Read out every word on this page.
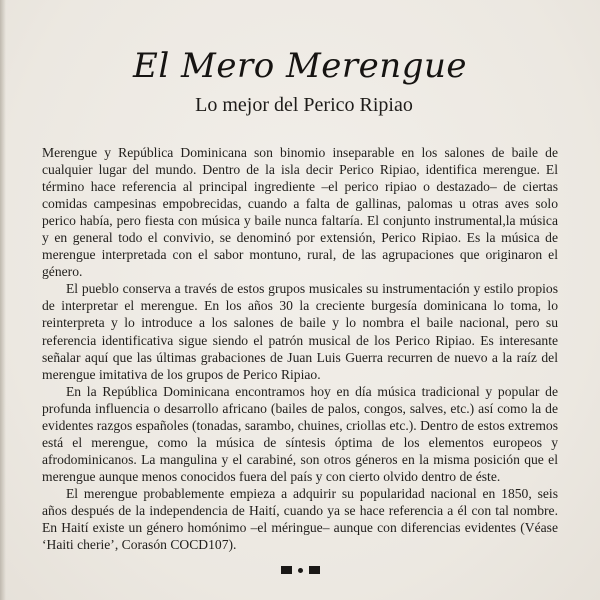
El Mero Merengue
Lo mejor del Perico Ripiao

Merengue y República Dominicana son binomio inseparable en los salones de baile de cualquier lugar del mundo. Dentro de la isla decir Perico Ripiao, identifica merengue. El término hace referencia al principal ingrediente –el perico ripiao o destazado– de ciertas comidas campesinas empobrecidas, cuando a falta de gallinas, palomas u otras aves solo perico había, pero fiesta con música y baile nunca faltaría. El conjunto instrumental,la música y en general todo el convivio, se denominó por extensión, Perico Ripiao. Es la música de merengue interpretada con el sabor montuno, rural, de las agrupaciones que originaron el género.

El pueblo conserva a través de estos grupos musicales su instrumentación y estilo propios de interpretar el merengue. En los años 30 la creciente burgesía dominicana lo toma, lo reinterpreta y lo introduce a los salones de baile y lo nombra el baile nacional, pero su referencia identificativa sigue siendo el patrón musical de los Perico Ripiao. Es interesante señalar aquí que las últimas grabaciones de Juan Luis Guerra recurren de nuevo a la raíz del merengue imitativa de los grupos de Perico Ripiao.

En la República Dominicana encontramos hoy en día música tradicional y popular de profunda influencia o desarrollo africano (bailes de palos, congos, salves, etc.) así como la de evidentes razgos españoles (tonadas, sarambo, chuines, criollas etc.). Dentro de estos extremos está el merengue, como la música de síntesis óptima de los elementos europeos y afrodominicanos. La mangulina y el carabiné, son otros géneros en la misma posición que el merengue aunque menos conocidos fuera del país y con cierto olvido dentro de éste.

El merengue probablemente empieza a adquirir su popularidad nacional en 1850, seis años después de la independencia de Haití, cuando ya se hace referencia a él con tal nombre. En Haití existe un género homónimo –el méringue– aunque con diferencias evidentes (Véase ‘Haiti cherie’, Corasón COCD107).
